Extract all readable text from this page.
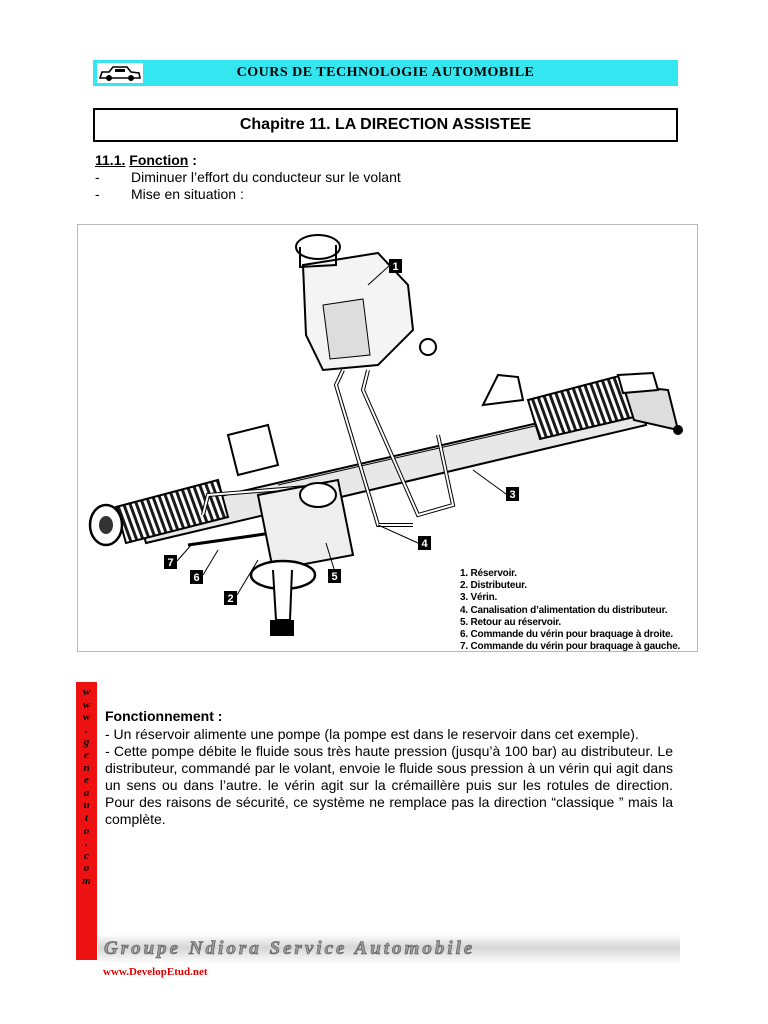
COURS DE TECHNOLOGIE AUTOMOBILE
Chapitre 11. LA DIRECTION ASSISTEE
11.1. Fonction :
-	Diminuer l’effort du conducteur sur le volant
-	Mise en situation :
1
2
3
4
5
6
7
1. Réservoir.
2. Distributeur.
3. Vérin.
4. Canalisation d’alimentation du distributeur.
5. Retour au réservoir.
6. Commande du vérin pour braquage à droite.
7. Commande du vérin pour braquage à gauche.
w
w
w
.
g
e
n
e
a
u
t
o
.
c
o
m
Fonctionnement :

- Un réservoir alimente une pompe (la pompe est dans le reservoir dans cet exemple).

- Cette pompe débite le fluide sous très haute pression (jusqu’à 100 bar) au distributeur. Le distributeur, commandé par le volant, envoie le fluide sous pression à un vérin qui agit dans un sens ou dans l’autre. le vérin agit sur la crémaillère puis sur les rotules de direction. Pour des raisons de sécurité, ce système ne remplace pas la direction “classique ” mais la complète.

Groupe Ndiora Service Automobile
www.DevelopEtud.net
